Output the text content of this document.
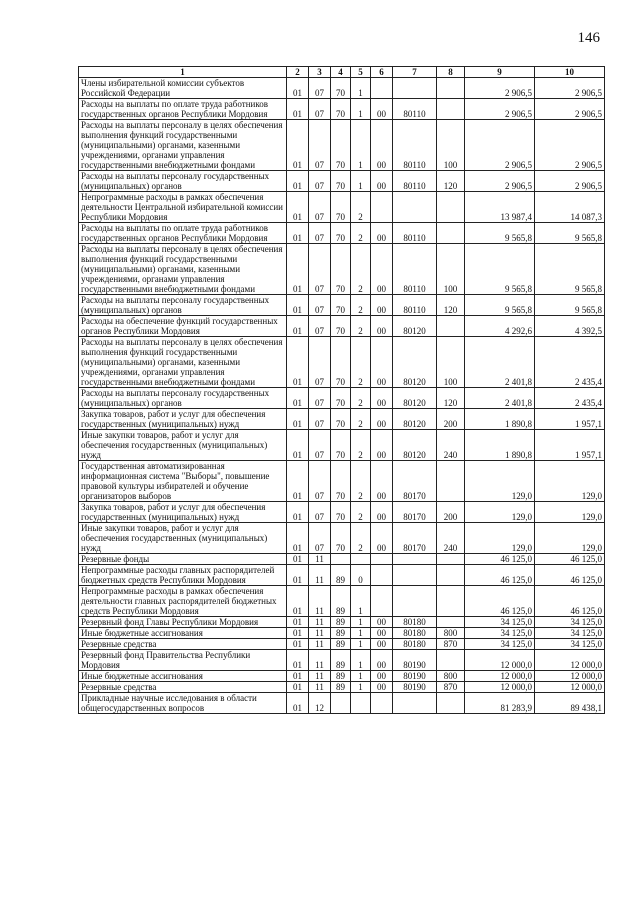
146
1	2	3	4	5	6	7	8	9	10
Члены избирательной комиссии субъектов Российской Федерации	01	07	70	1				2 906,5	2 906,5
Расходы на выплаты по оплате труда работников государственных органов Республики Мордовия	01	07	70	1	00	80110		2 906,5	2 906,5
Расходы на выплаты персоналу в целях обеспечения выполнения функций государственными (муниципальными) органами, казенными учреждениями, органами управления государственными внебюджетными фондами	01	07	70	1	00	80110	100	2 906,5	2 906,5
Расходы на выплаты персоналу государственных (муниципальных) органов	01	07	70	1	00	80110	120	2 906,5	2 906,5
Непрограммные расходы в рамках обеспечения деятельности Центральной избирательной комиссии Республики Мордовия	01	07	70	2				13 987,4	14 087,3
Расходы на выплаты по оплате труда работников государственных органов Республики Мордовия	01	07	70	2	00	80110		9 565,8	9 565,8
Расходы на выплаты персоналу в целях обеспечения выполнения функций государственными (муниципальными) органами, казенными учреждениями, органами управления государственными внебюджетными фондами	01	07	70	2	00	80110	100	9 565,8	9 565,8
Расходы на выплаты персоналу государственных (муниципальных) органов	01	07	70	2	00	80110	120	9 565,8	9 565,8
Расходы на обеспечение функций государственных органов Республики Мордовия	01	07	70	2	00	80120		4 292,6	4 392,5
Расходы на выплаты персоналу в целях обеспечения выполнения функций государственными (муниципальными) органами, казенными учреждениями, органами управления государственными внебюджетными фондами	01	07	70	2	00	80120	100	2 401,8	2 435,4
Расходы на выплаты персоналу государственных (муниципальных) органов	01	07	70	2	00	80120	120	2 401,8	2 435,4
Закупка товаров, работ и услуг для обеспечения государственных (муниципальных) нужд	01	07	70	2	00	80120	200	1 890,8	1 957,1
Иные закупки товаров, работ и услуг для обеспечения государственных (муниципальных) нужд	01	07	70	2	00	80120	240	1 890,8	1 957,1
Государственная автоматизированная информационная система "Выборы", повышение правовой культуры избирателей и обучение организаторов выборов	01	07	70	2	00	80170		129,0	129,0
Закупка товаров, работ и услуг для обеспечения государственных (муниципальных) нужд	01	07	70	2	00	80170	200	129,0	129,0
Иные закупки товаров, работ и услуг для обеспечения государственных (муниципальных) нужд	01	07	70	2	00	80170	240	129,0	129,0
Резервные фонды	01	11						46 125,0	46 125,0
Непрограммные расходы главных распорядителей бюджетных средств Республики Мордовия	01	11	89	0				46 125,0	46 125,0
Непрограммные расходы в рамках обеспечения деятельности главных распорядителей бюджетных средств Республики Мордовия	01	11	89	1				46 125,0	46 125,0
Резервный фонд Главы Республики Мордовия	01	11	89	1	00	80180		34 125,0	34 125,0
Иные бюджетные ассигнования	01	11	89	1	00	80180	800	34 125,0	34 125,0
Резервные средства	01	11	89	1	00	80180	870	34 125,0	34 125,0
Резервный фонд Правительства Республики Мордовия	01	11	89	1	00	80190		12 000,0	12 000,0
Иные бюджетные ассигнования	01	11	89	1	00	80190	800	12 000,0	12 000,0
Резервные средства	01	11	89	1	00	80190	870	12 000,0	12 000,0
Прикладные научные исследования в области общегосударственных вопросов	01	12						81 283,9	89 438,1
